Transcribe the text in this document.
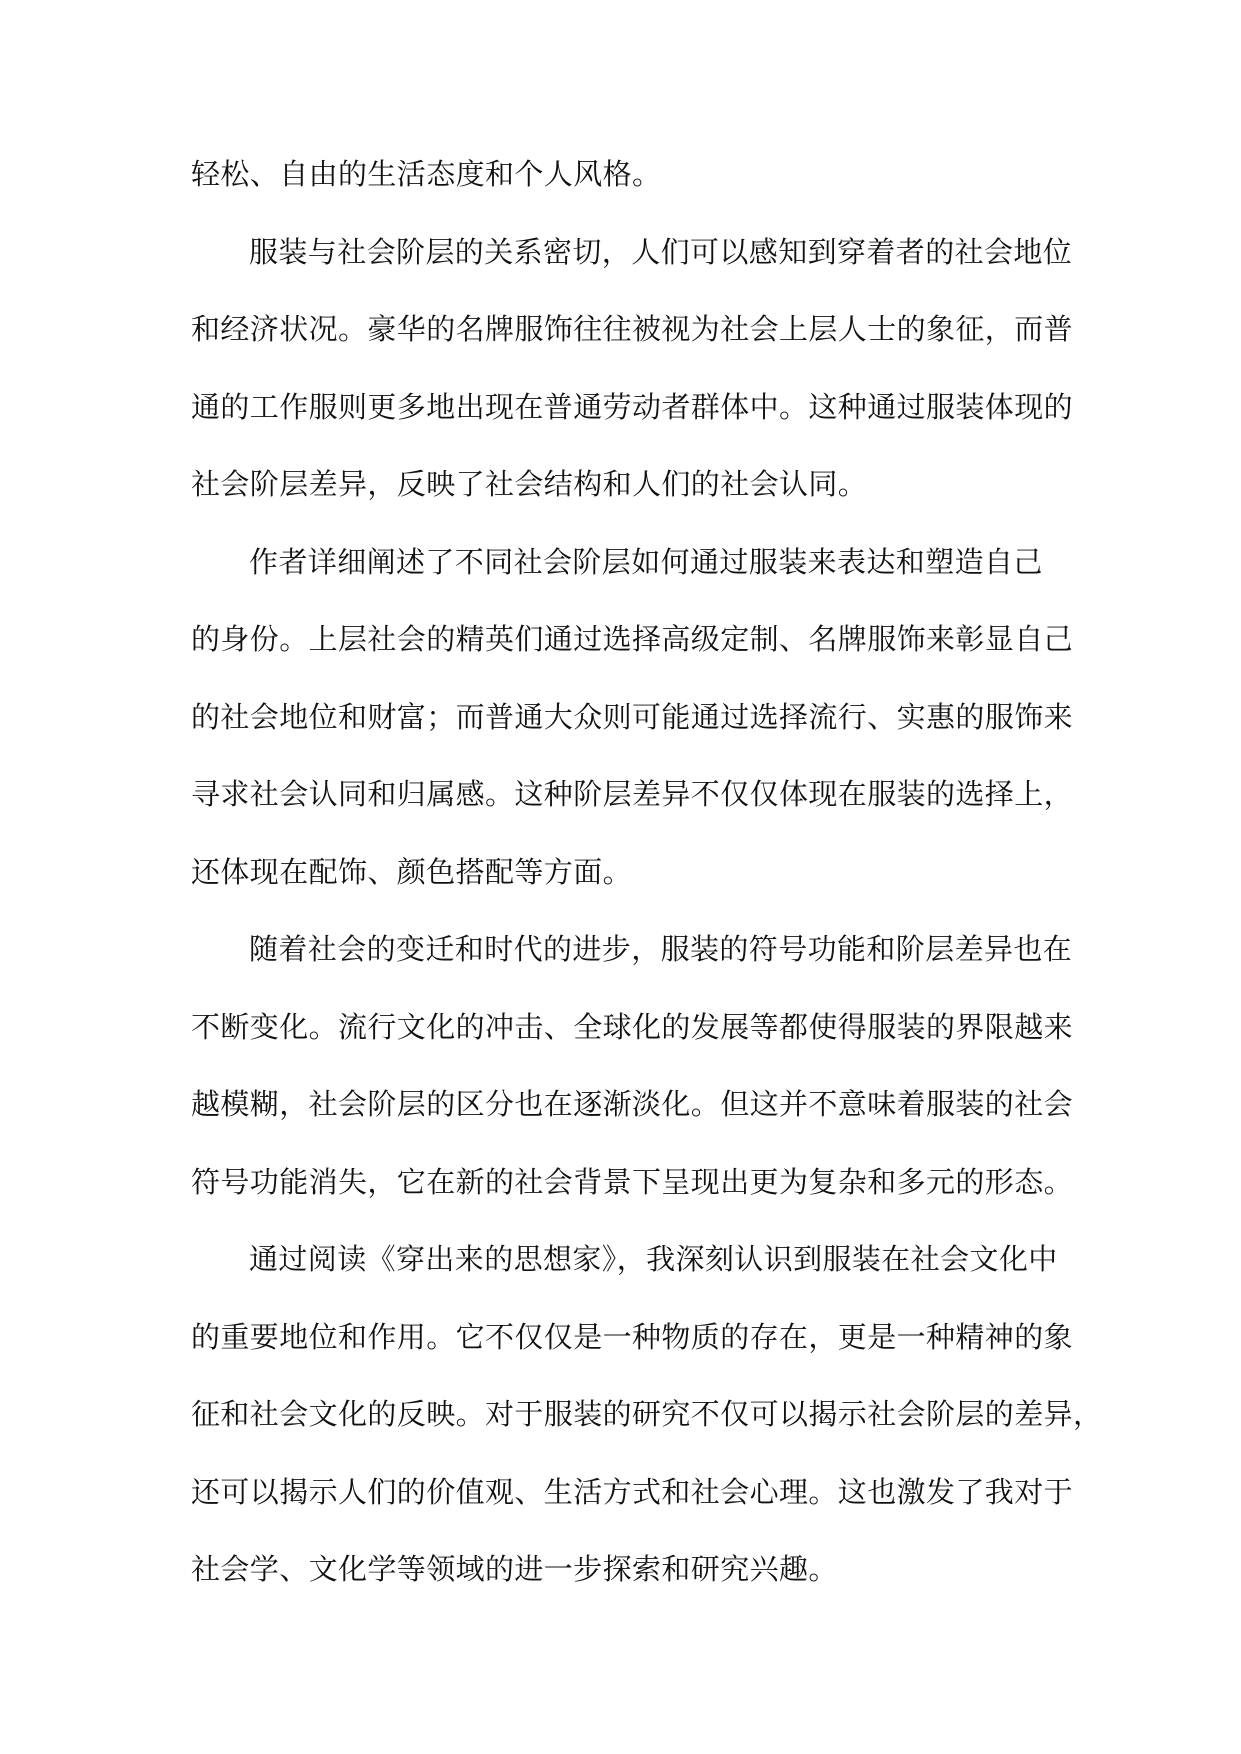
轻松、自由的生活态度和个人风格。
服装与社会阶层的关系密切，人们可以感知到穿着者的社会地位
和经济状况。豪华的名牌服饰往往被视为社会上层人士的象征，而普
通的工作服则更多地出现在普通劳动者群体中。这种通过服装体现的
社会阶层差异，反映了社会结构和人们的社会认同。
作者详细阐述了不同社会阶层如何通过服装来表达和塑造自己
的身份。上层社会的精英们通过选择高级定制、名牌服饰来彰显自己
的社会地位和财富；而普通大众则可能通过选择流行、实惠的服饰来
寻求社会认同和归属感。这种阶层差异不仅仅体现在服装的选择上，
还体现在配饰、颜色搭配等方面。
随着社会的变迁和时代的进步，服装的符号功能和阶层差异也在
不断变化。流行文化的冲击、全球化的发展等都使得服装的界限越来
越模糊，社会阶层的区分也在逐渐淡化。但这并不意味着服装的社会
符号功能消失，它在新的社会背景下呈现出更为复杂和多元的形态。
通过阅读《穿出来的思想家》，我深刻认识到服装在社会文化中
的重要地位和作用。它不仅仅是一种物质的存在，更是一种精神的象
征和社会文化的反映。对于服装的研究不仅可以揭示社会阶层的差异，
还可以揭示人们的价值观、生活方式和社会心理。这也激发了我对于
社会学、文化学等领域的进一步探索和研究兴趣。
